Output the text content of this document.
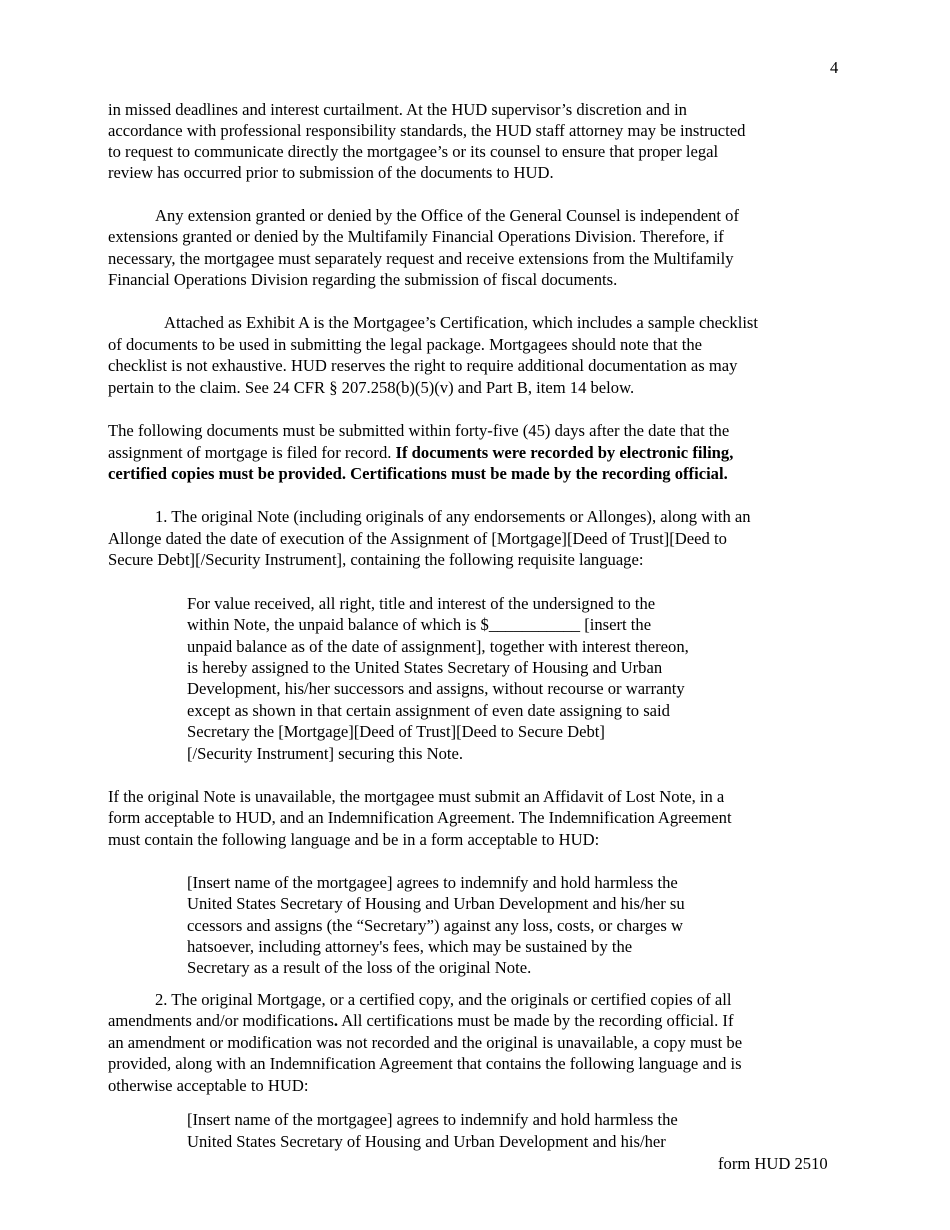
4
in missed deadlines and interest curtailment. At the HUD supervisor’s discretion and in
accordance with professional responsibility standards, the HUD staff attorney may be instructed
to request to communicate directly the mortgagee’s or its counsel to ensure that proper legal
review has occurred prior to submission of the documents to HUD.
Any extension granted or denied by the Office of the General Counsel is independent of
extensions granted or denied by the Multifamily Financial Operations Division. Therefore, if
necessary, the mortgagee must separately request and receive extensions from the Multifamily
Financial Operations Division regarding the submission of fiscal documents.
Attached as Exhibit A is the Mortgagee’s Certification, which includes a sample checklist
of documents to be used in submitting the legal package. Mortgagees should note that the
checklist is not exhaustive. HUD reserves the right to require additional documentation as may
pertain to the claim. See 24 CFR § 207.258(b)(5)(v) and Part B, item 14 below.
The following documents must be submitted within forty-five (45) days after the date that the
assignment of mortgage is filed for record. If documents were recorded by electronic filing,
certified copies must be provided. Certifications must be made by the recording official.
1. The original Note (including originals of any endorsements or Allonges), along with an
Allonge dated the date of execution of the Assignment of [Mortgage][Deed of Trust][Deed to
Secure Debt][/Security Instrument], containing the following requisite language:
For value received, all right, title and interest of the undersigned to the
within Note, the unpaid balance of which is $___________ [insert the
unpaid balance as of the date of assignment], together with interest thereon,
is hereby assigned to the United States Secretary of Housing and Urban
Development, his/her successors and assigns, without recourse or warranty
except as shown in that certain assignment of even date assigning to said
Secretary the [Mortgage][Deed of Trust][Deed to Secure Debt]
[/Security Instrument] securing this Note.
If the original Note is unavailable, the mortgagee must submit an Affidavit of Lost Note, in a
form acceptable to HUD, and an Indemnification Agreement. The Indemnification Agreement
must contain the following language and be in a form acceptable to HUD:
[Insert name of the mortgagee] agrees to indemnify and hold harmless the
United States Secretary of Housing and Urban Development and his/her su
ccessors and assigns (the “Secretary”) against any loss, costs, or charges w
hatsoever, including attorney's fees, which may be sustained by the
Secretary as a result of the loss of the original Note.
2. The original Mortgage, or a certified copy, and the originals or certified copies of all
amendments and/or modifications. All certifications must be made by the recording official. If
an amendment or modification was not recorded and the original is unavailable, a copy must be
provided, along with an Indemnification Agreement that contains the following language and is
otherwise acceptable to HUD:
[Insert name of the mortgagee] agrees to indemnify and hold harmless the
United States Secretary of Housing and Urban Development and his/her
form HUD 2510
